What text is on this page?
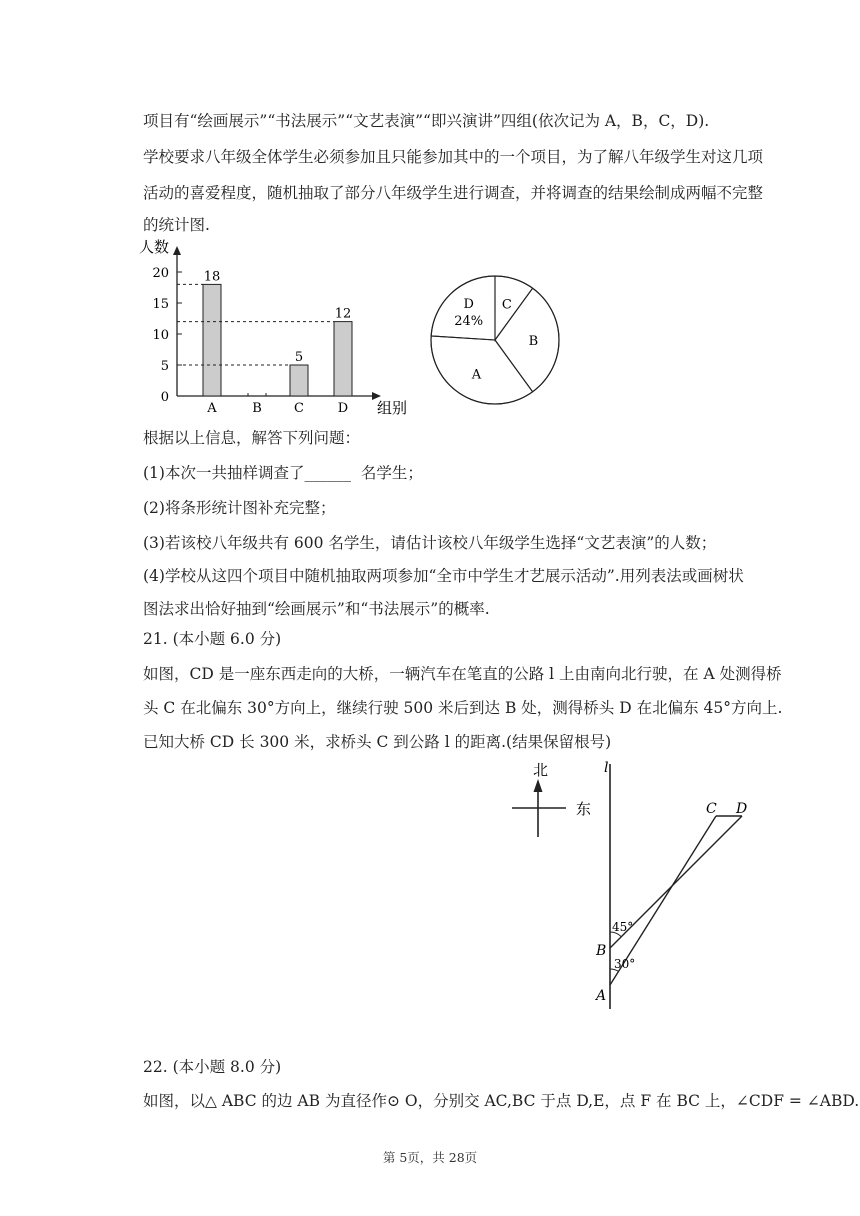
项目有“绘画展示”“书法展示”“文艺表演”“即兴演讲”四组(依次记为 A，B，C，D).
学校要求八年级全体学生必须参加且只能参加其中的一个项目，为了解八年级学生对这几项
活动的喜爱程度，随机抽取了部分八年级学生进行调查，并将调查的结果绘制成两幅不完整
的统计图.
人数
组别
0
5
10
15
20
A
18
B C
5
D
12
D
24%
C
B
A
根据以上信息，解答下列问题：
(1)本次一共抽样调查了______  名学生；
(2)将条形统计图补充完整；
(3)若该校八年级共有 600 名学生，请估计该校八年级学生选择“文艺表演”的人数；
(4)学校从这四个项目中随机抽取两项参加“全市中学生才艺展示活动”.用列表法或画树状
图法求出恰好抽到“绘画展示”和“书法展示”的概率.
21. (本小题 6.0 分)
如图，CD 是一座东西走向的大桥，一辆汽车在笔直的公路 l 上由南向北行驶，在 A 处测得桥
头 C 在北偏东 30°方向上，继续行驶 500 米后到达 B 处，测得桥头 D 在北偏东 45°方向上.
已知大桥 CD 长 300 米，求桥头 C 到公路 l 的距离.(结果保留根号)
北
东
l
C D
B
A
45°
30°
22. (本小题 8.0 分)
如图，以△ ABC 的边 AB 为直径作⊙ O，分别交 AC,BC 于点 D,E，点 F 在 BC 上，∠CDF = ∠ABD.
第 5页，共 28页
